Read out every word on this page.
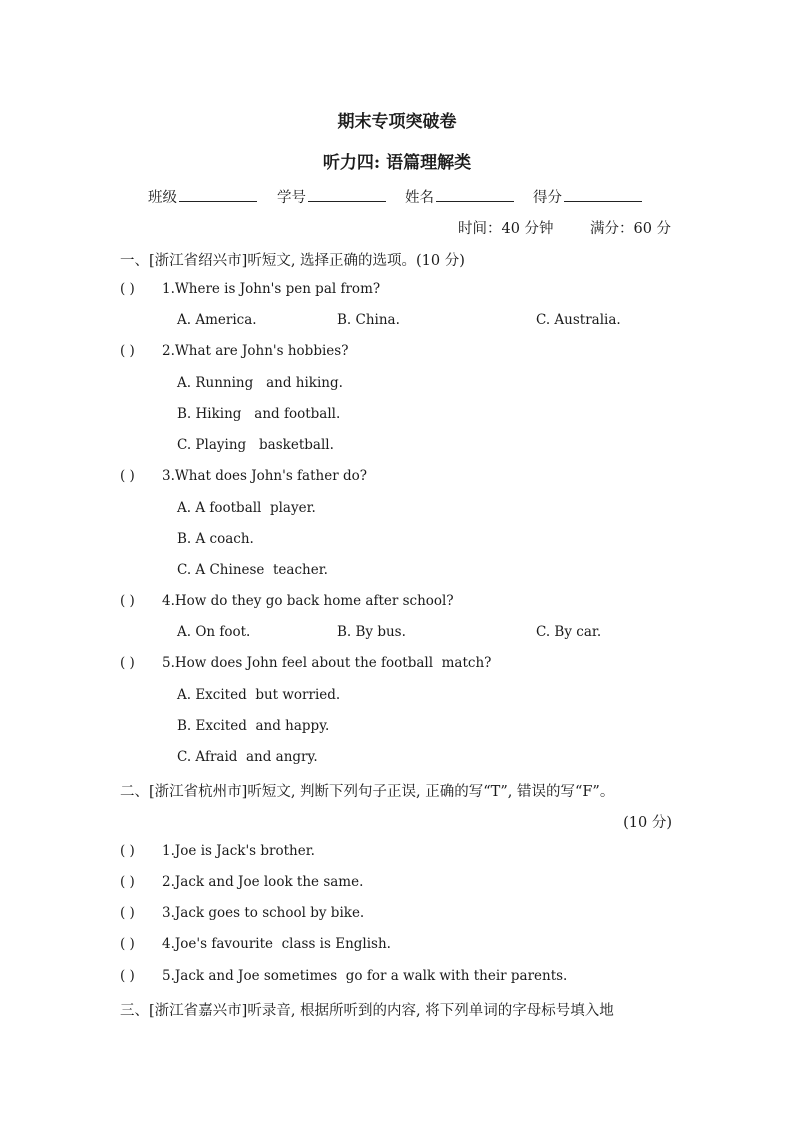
期末专项突破卷
听力四: 语篇理解类
班级	学号	姓名	得分
时间：40 分钟	满分：60 分
一、[浙江省绍兴市]听短文, 选择正确的选项。(10 分)
( ) 1.Where is John's pen pal from?
A. America.	B. China.	C. Australia.
( ) 2.What are John's hobbies?
A. Running   and hiking.
B. Hiking   and football.
C. Playing   basketball.
( ) 3.What does John's father do?
A. A football  player.
B. A coach.
C. A Chinese  teacher.
( ) 4.How do they go back home after school?
A. On foot.	B. By bus.	C. By car.
( ) 5.How does John feel about the football  match?
A. Excited  but worried.
B. Excited  and happy.
C. Afraid  and angry.
二、[浙江省杭州市]听短文, 判断下列句子正误, 正确的写“T”, 错误的写“F”。
(10 分)
( ) 1.Joe is Jack's brother.
( ) 2.Jack and Joe look the same.
( ) 3.Jack goes to school by bike.
( ) 4.Joe's favourite  class is English.
( ) 5.Jack and Joe sometimes  go for a walk with their parents.
三、[浙江省嘉兴市]听录音, 根据所听到的内容, 将下列单词的字母标号填入地
